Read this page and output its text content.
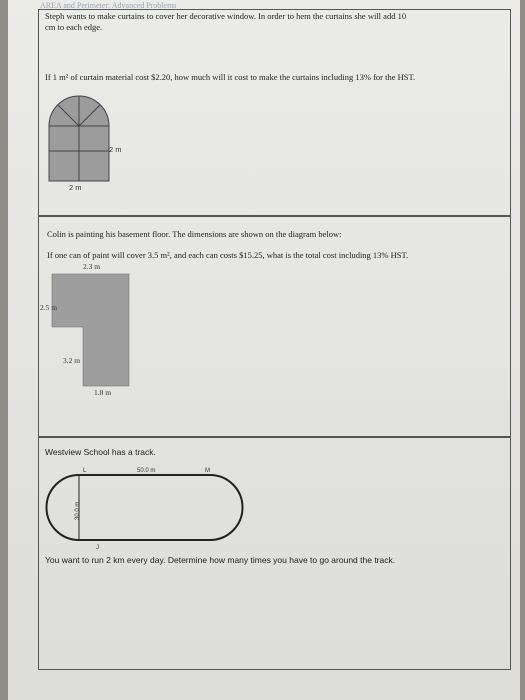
AREA and Perimeter: Advanced Problems
Steph wants to make curtains to cover her decorative window. In order to hem the curtains she will add 10
cm to each edge.
If 1 m² of curtain material cost $2.20, how much will it cost to make the curtains including 13% for the HST.
2 m
2 m
Colin is painting his basement floor. The dimensions are shown on the diagram below:
If one can of paint will cover 3.5 m², and each can costs $15.25, what is the total cost including 13% HST.
2.3 m
2.5 m
3.2 m
1.8 m
Westview School has a track.
L	M
50.0 m
30.0 m
J
You want to run 2 km every day. Determine how many times you have to go around the track.
